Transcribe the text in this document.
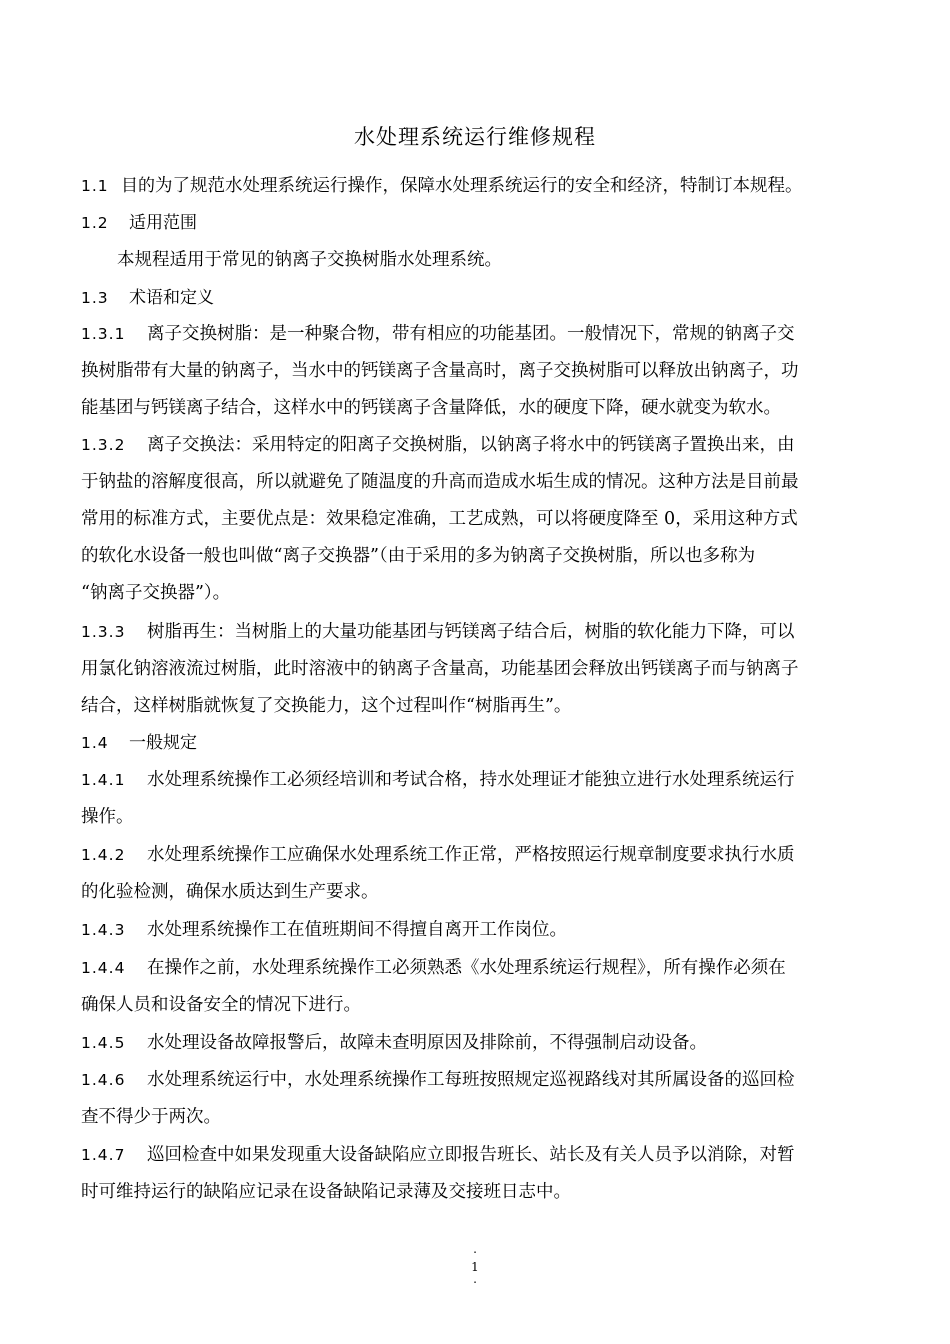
水处理系统运行维修规程
1.1 目的为了规范水处理系统运行操作，保障水处理系统运行的安全和经济，特制订本规程。
1.2 适用范围
本规程适用于常见的钠离子交换树脂水处理系统。
1.3 术语和定义
1.3.1 离子交换树脂：是一种聚合物，带有相应的功能基团。一般情况下，常规的钠离子交
换树脂带有大量的钠离子，当水中的钙镁离子含量高时，离子交换树脂可以释放出钠离子，功
能基团与钙镁离子结合，这样水中的钙镁离子含量降低，水的硬度下降，硬水就变为软水。
1.3.2 离子交换法：采用特定的阳离子交换树脂，以钠离子将水中的钙镁离子置换出来，由
于钠盐的溶解度很高，所以就避免了随温度的升高而造成水垢生成的情况。这种方法是目前最
常用的标准方式，主要优点是：效果稳定准确，工艺成熟，可以将硬度降至 0，采用这种方式
的软化水设备一般也叫做“离子交换器”（由于采用的多为钠离子交换树脂，所以也多称为
“钠离子交换器”）。
1.3.3 树脂再生：当树脂上的大量功能基团与钙镁离子结合后，树脂的软化能力下降，可以
用氯化钠溶液流过树脂，此时溶液中的钠离子含量高，功能基团会释放出钙镁离子而与钠离子
结合，这样树脂就恢复了交换能力，这个过程叫作“树脂再生”。
1.4 一般规定
1.4.1 水处理系统操作工必须经培训和考试合格，持水处理证才能独立进行水处理系统运行
操作。
1.4.2 水处理系统操作工应确保水处理系统工作正常，严格按照运行规章制度要求执行水质
的化验检测，确保水质达到生产要求。
1.4.3 水处理系统操作工在值班期间不得擅自离开工作岗位。
1.4.4 在操作之前，水处理系统操作工必须熟悉《水处理系统运行规程》，所有操作必须在
确保人员和设备安全的情况下进行。
1.4.5 水处理设备故障报警后，故障未查明原因及排除前，不得强制启动设备。
1.4.6 水处理系统运行中，水处理系统操作工每班按照规定巡视路线对其所属设备的巡回检
查不得少于两次。
1.4.7 巡回检查中如果发现重大设备缺陷应立即报告班长、站长及有关人员予以消除，对暂
时可维持运行的缺陷应记录在设备缺陷记录薄及交接班日志中。
.
1
.
